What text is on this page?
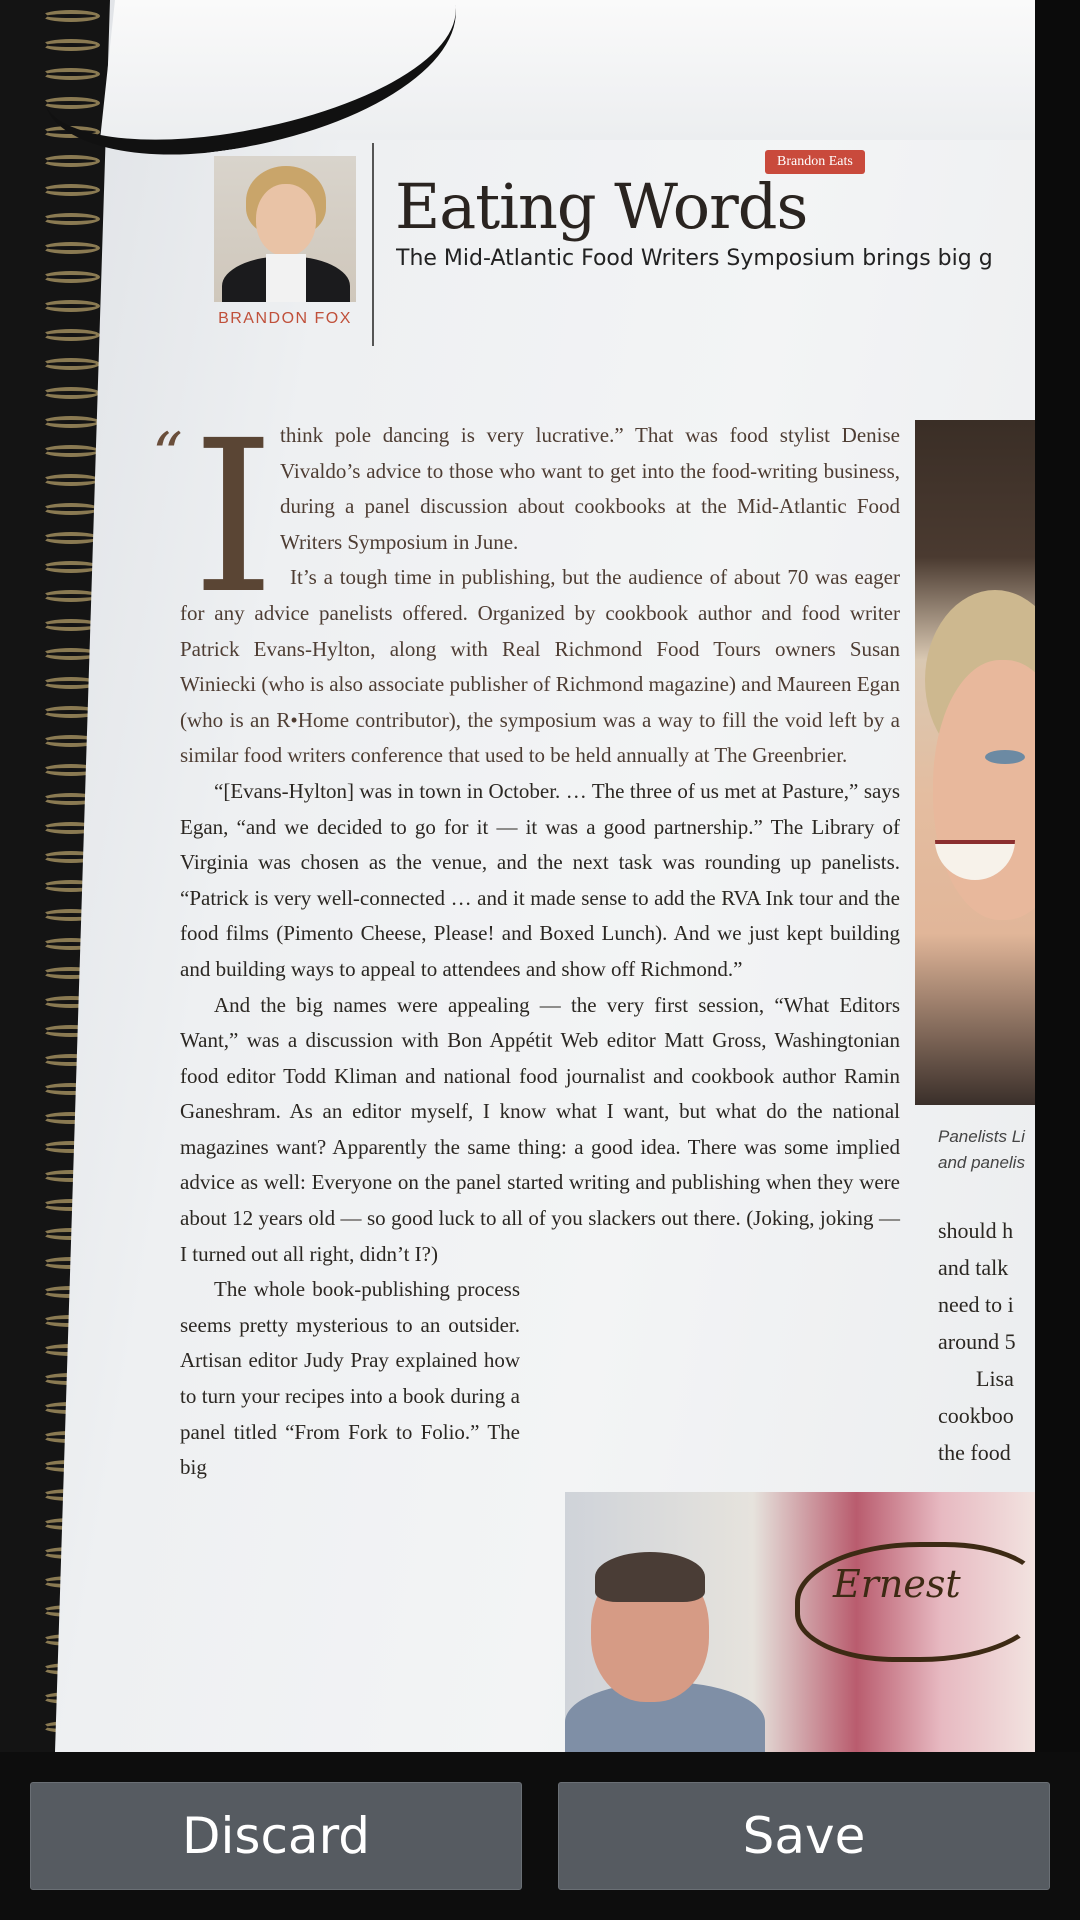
BRANDON FOX
Brandon Eats
Eating Words
The Mid-Atlantic Food Writers Symposium brings big g
“ I think pole dancing is very lucrative.” That was food stylist Denise Vivaldo’s advice to those who want to get into the food-writing business, during a panel discussion about cookbooks at the Mid-Atlantic Food Writers Symposium in June.

It’s a tough time in publishing, but the audience of about 70 was eager for any advice panelists offered. Organized by cookbook author and food writer Patrick Evans-Hylton, along with Real Richmond Food Tours owners Susan Winiecki (who is also associate publisher of Richmond magazine) and Maureen Egan (who is an R•Home contributor), the symposium was a way to fill the void left by a similar food writers conference that used to be held annually at The Greenbrier.

“[Evans-Hylton] was in town in October. … The three of us met at Pasture,” says Egan, “and we decided to go for it — it was a good partnership.” The Library of Virginia was chosen as the venue, and the next task was rounding up panelists. “Patrick is very well-connected … and it made sense to add the RVA Ink tour and the food films (Pimento Cheese, Please! and Boxed Lunch). And we just kept building and building ways to appeal to attendees and show off Richmond.”

And the big names were appealing — the very first session, “What Editors Want,” was a discussion with Bon Appétit Web editor Matt Gross, Washingtonian food editor Todd Kliman and national food journalist and cookbook author Ramin Ganeshram. As an editor myself, I know what I want, but what do the national magazines want? Apparently the same thing: a good idea. There was some implied advice as well: Everyone on the panel started writing and publishing when they were about 12 years old — so good luck to all of you slackers out there. (Joking, joking — I turned out all right, didn’t I?)

The whole book-publishing process seems pretty mysterious to an outsider. Artisan editor Judy Pray explained how to turn your recipes into a book during a panel titled “From Fork to Folio.” The big

Panelists Li
and panelis
should h
and talk
need to i
around 5
Lisa
cookboo
the food
Ernest
Discard	Save
